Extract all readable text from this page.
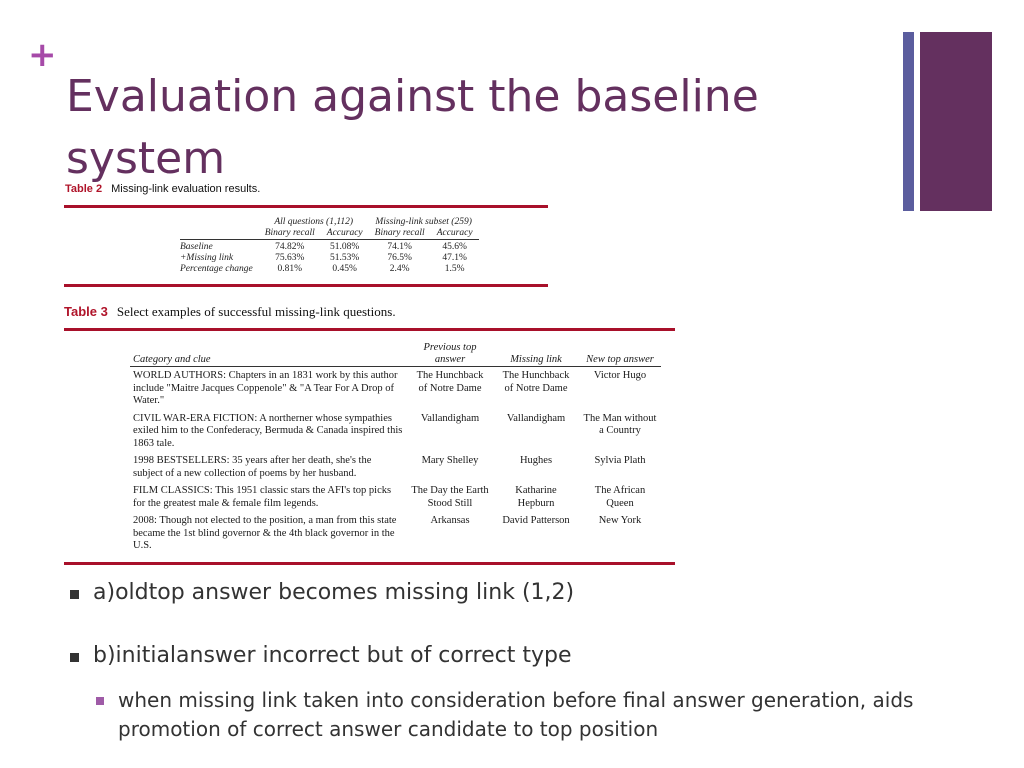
+
Evaluation against the baseline system
Table 2 Missing-link evaluation results.
	All questions (1,112)		Missing-link subset (259)	
	Binary recall	Accuracy	Binary recall	Accuracy
Baseline	74.82%	51.08%	74.1%	45.6%
+Missing link	75.63%	51.53%	76.5%	47.1%
Percentage change	0.81%	0.45%	2.4%	1.5%
Table 3 Select examples of successful missing-link questions.
Category and clue	Previous top answer	Missing link	New top answer
WORLD AUTHORS: Chapters in an 1831 work by this author include "Maitre Jacques Coppenole" & "A Tear For A Drop of Water."	The Hunchback of Notre Dame	The Hunchback of Notre Dame	Victor Hugo
CIVIL WAR-ERA FICTION: A northerner whose sympathies exiled him to the Confederacy, Bermuda & Canada inspired this 1863 tale.	Vallandigham	Vallandigham	The Man without a Country
1998 BESTSELLERS: 35 years after her death, she's the subject of a new collection of poems by her husband.	Mary Shelley	Hughes	Sylvia Plath
FILM CLASSICS: This 1951 classic stars the AFI's top picks for the greatest male & female film legends.	The Day the Earth Stood Still	Katharine Hepburn	The African Queen
2008: Though not elected to the position, a man from this state became the 1st blind governor & the 4th black governor in the U.S.	Arkansas	David Patterson	New York
a)oldtop answer becomes missing link (1,2)
b)initialanswer incorrect but of correct type
when missing link taken into consideration before final answer generation, aids promotion of correct answer candidate to top position
